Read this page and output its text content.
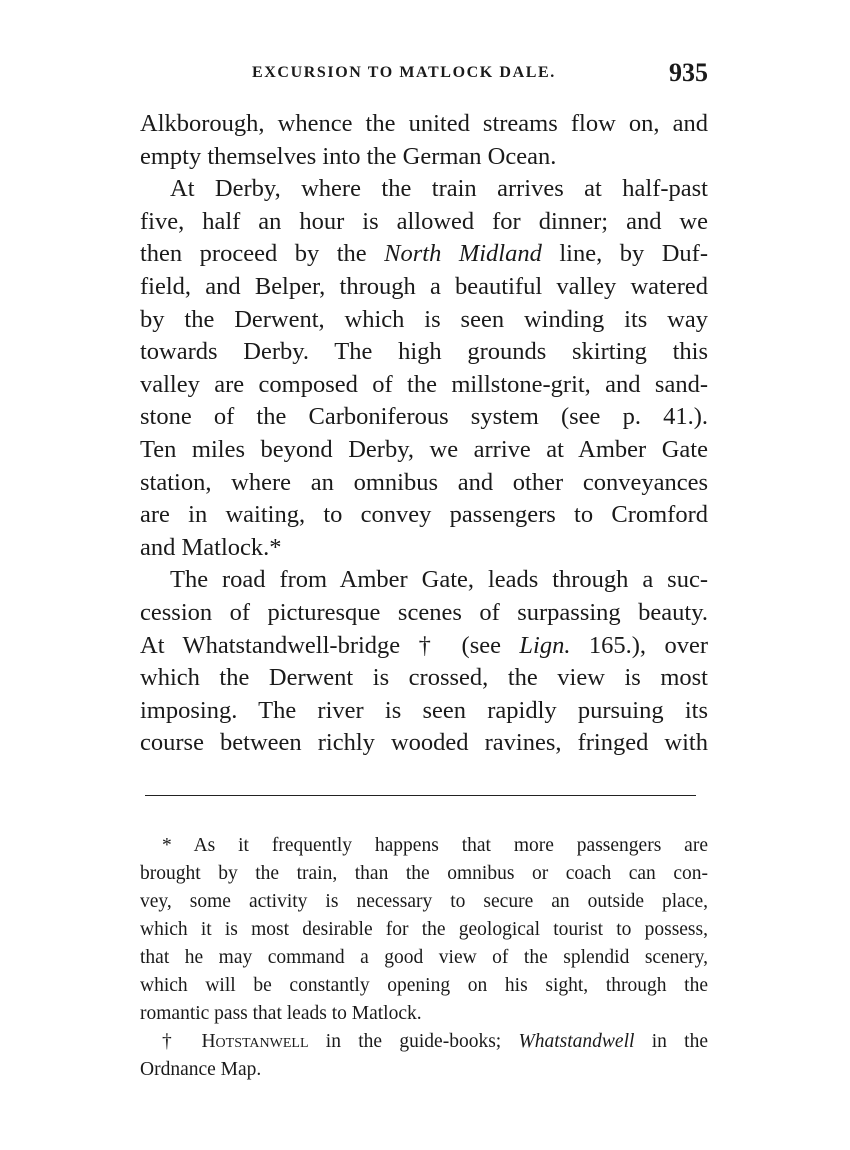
EXCURSION TO MATLOCK DALE.	935
Alkborough, whence the united streams flow on, and
empty themselves into the German Ocean.
At Derby, where the train arrives at half-past
five, half an hour is allowed for dinner; and we
then proceed by the North Midland line, by Duf-
field, and Belper, through a beautiful valley watered
by the Derwent, which is seen winding its way
towards Derby. The high grounds skirting this
valley are composed of the millstone-grit, and sand-
stone of the Carboniferous system (see p. 41.).
Ten miles beyond Derby, we arrive at Amber Gate
station, where an omnibus and other conveyances
are in waiting, to convey passengers to Cromford
and Matlock.*
The road from Amber Gate, leads through a suc-
cession of picturesque scenes of surpassing beauty.
At Whatstandwell-bridge † (see Lign. 165.), over
which the Derwent is crossed, the view is most
imposing. The river is seen rapidly pursuing its
course between richly wooded ravines, fringed with
* As it frequently happens that more passengers are
brought by the train, than the omnibus or coach can con-
vey, some activity is necessary to secure an outside place,
which it is most desirable for the geological tourist to possess,
that he may command a good view of the splendid scenery,
which will be constantly opening on his sight, through the
romantic pass that leads to Matlock.
† Hotstanwell in the guide-books; Whatstandwell in the
Ordnance Map.
